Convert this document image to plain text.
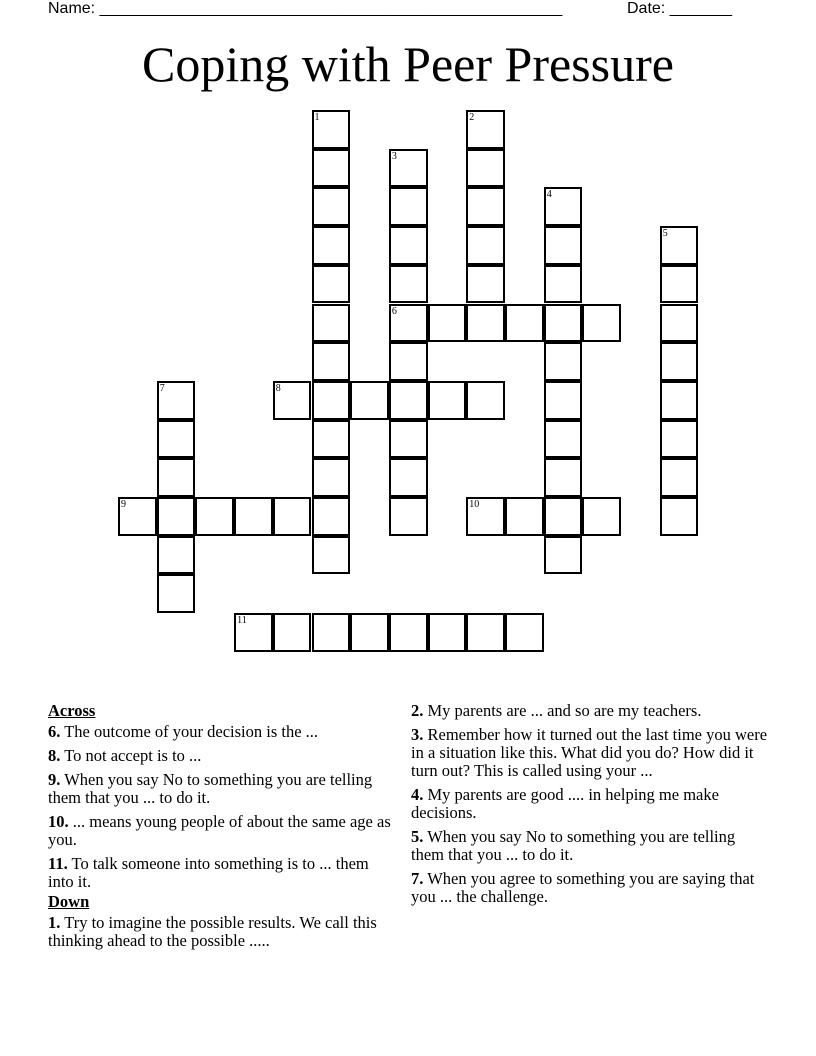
Name: ____________________________________________________	Date: _______
Coping with Peer Pressure
1	2
3
6
4
5
7	8
9	10
11
Across
6. The outcome of your decision is the ...
8. To not accept is to ...
9. When you say No to something you are telling them that you ... to do it.
10. ... means young people of about the same age as you.
11. To talk someone into something is to ... them into it.
Down
1. Try to imagine the possible results. We call this thinking ahead to the possible .....
2. My parents are ... and so are my teachers.
3. Remember how it turned out the last time you were in a situation like this. What did you do? How did it turn out? This is called using your ...
4. My parents are good .... in helping me make decisions.
5. When you say No to something you are telling them that you ... to do it.
7. When you agree to something you are saying that you ... the challenge.
